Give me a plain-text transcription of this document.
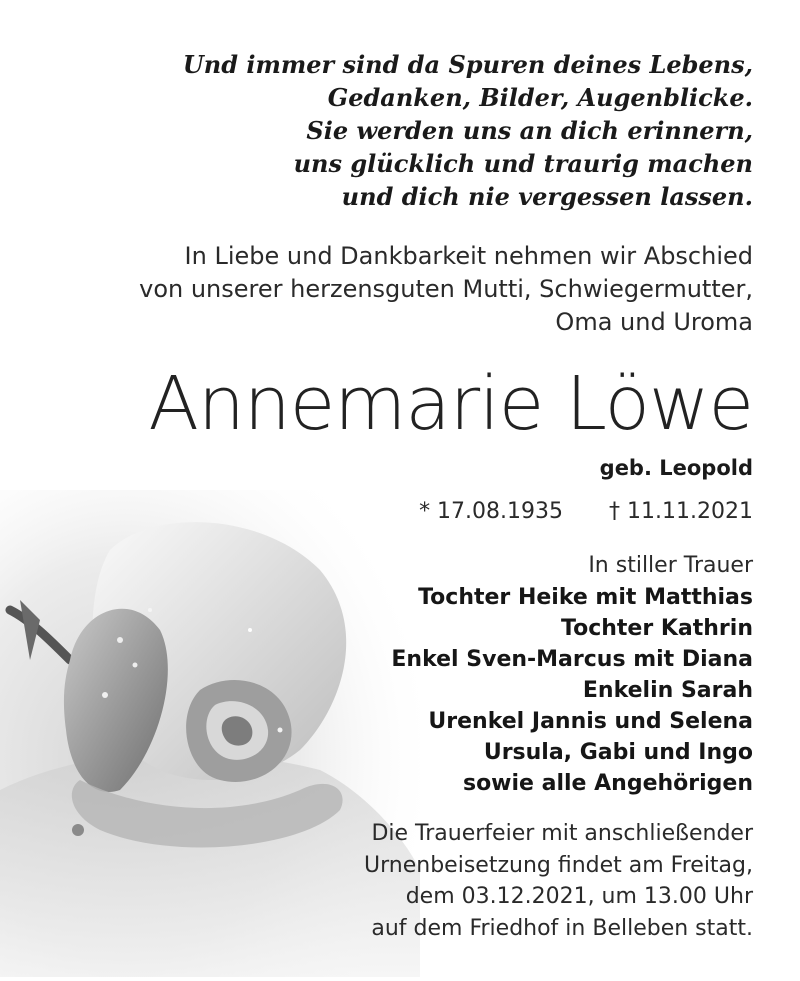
Und immer sind da Spuren deines Lebens,
Gedanken, Bilder, Augenblicke.
Sie werden uns an dich erinnern,
uns glücklich und traurig machen
und dich nie vergessen lassen.
In Liebe und Dankbarkeit nehmen wir Abschied
von unserer herzensguten Mutti, Schwiegermutter,
Oma und Uroma
Annemarie Löwe
geb. Leopold
* 17.08.1935 † 11.11.2021
In stiller Trauer
Tochter Heike mit Matthias
Tochter Kathrin
Enkel Sven-Marcus mit Diana
Enkelin Sarah
Urenkel Jannis und Selena
Ursula, Gabi und Ingo
sowie alle Angehörigen
Die Trauerfeier mit anschließender
Urnenbeisetzung findet am Freitag,
dem 03.12.2021, um 13.00 Uhr
auf dem Friedhof in Belleben statt.
